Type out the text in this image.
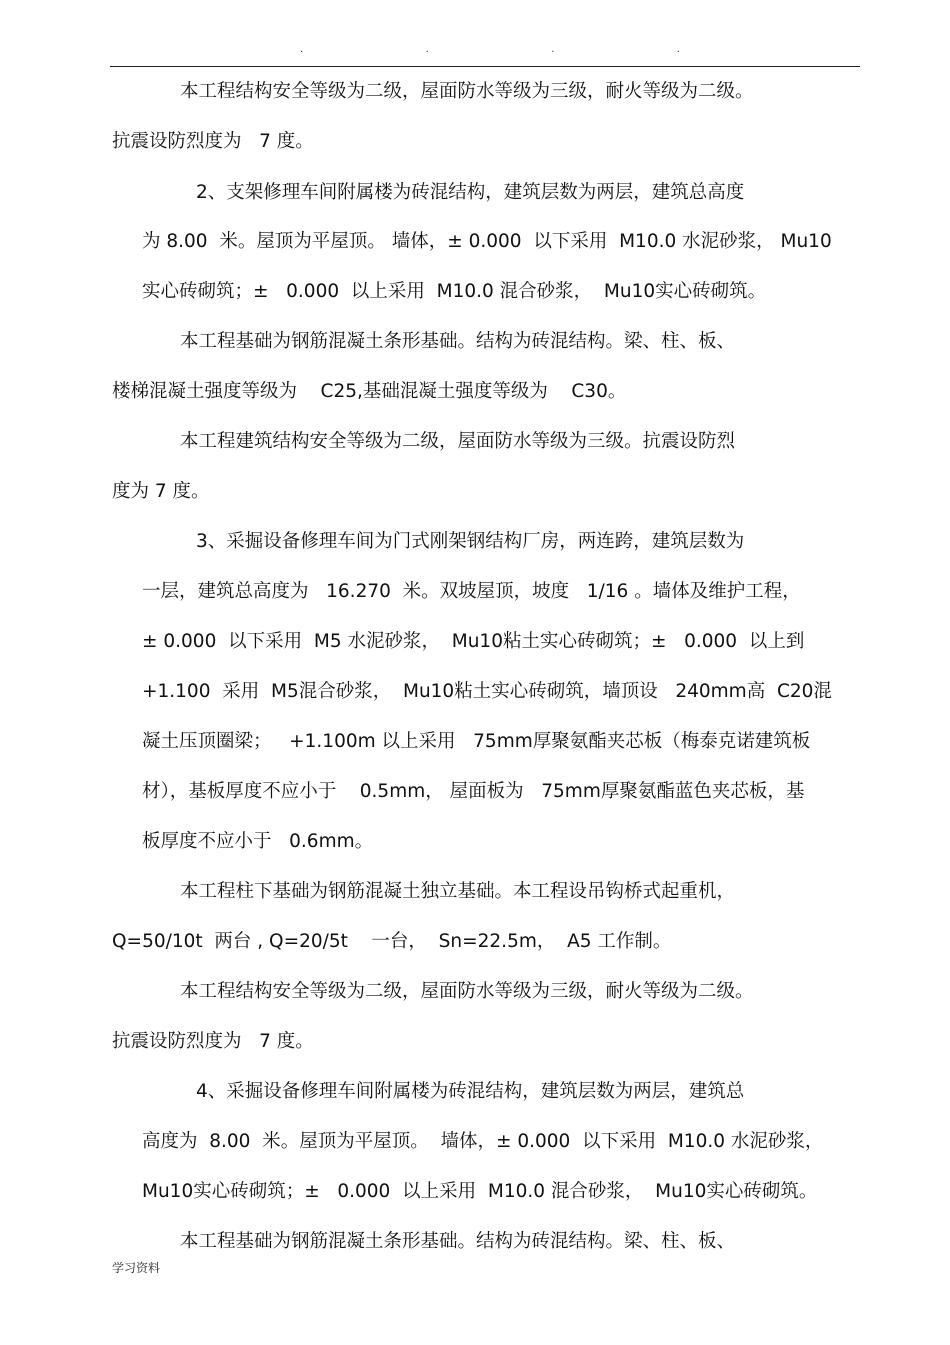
.	.	.	.
本工程结构安全等级为二级，屋面防水等级为三级，耐火等级为二级。
抗震设防烈度为   7 度。
2、支架修理车间附属楼为砖混结构，建筑层数为两层，建筑总高度
为 8.00  米。屋顶为平屋顶。 墙体，± 0.000  以下采用  M10.0 水泥砂浆， Mu10
实心砖砌筑；±   0.000  以上采用  M10.0 混合砂浆，  Mu10实心砖砌筑。
本工程基础为钢筋混凝土条形基础。结构为砖混结构。梁、柱、板、
楼梯混凝土强度等级为    C25,基础混凝土强度等级为    C30。
本工程建筑结构安全等级为二级，屋面防水等级为三级。抗震设防烈
度为 7 度。
3、采掘设备修理车间为门式刚架钢结构厂房，两连跨，建筑层数为
一层，建筑总高度为   16.270  米。双坡屋顶，坡度   1/16 。墙体及维护工程，
± 0.000  以下采用  M5 水泥砂浆，  Mu10粘土实心砖砌筑；±   0.000  以上到
+1.100  采用  M5混合砂浆，  Mu10粘土实心砖砌筑，墙顶设   240mm高  C20混
凝土压顶圈梁；   +1.100m 以上采用   75mm厚聚氨酯夹芯板（梅泰克诺建筑板
材），基板厚度不应小于    0.5mm， 屋面板为   75mm厚聚氨酯蓝色夹芯板，基
板厚度不应小于   0.6mm。
本工程柱下基础为钢筋混凝土独立基础。本工程设吊钩桥式起重机，
Q=50/10t  两台 , Q=20/5t    一台，  Sn=22.5m，  A5 工作制。
本工程结构安全等级为二级，屋面防水等级为三级，耐火等级为二级。
抗震设防烈度为   7 度。
4、采掘设备修理车间附属楼为砖混结构，建筑层数为两层，建筑总
高度为  8.00  米。屋顶为平屋顶。  墙体，± 0.000  以下采用  M10.0 水泥砂浆，
Mu10实心砖砌筑；±   0.000  以上采用  M10.0 混合砂浆，  Mu10实心砖砌筑。
本工程基础为钢筋混凝土条形基础。结构为砖混结构。梁、柱、板、
学习资料
